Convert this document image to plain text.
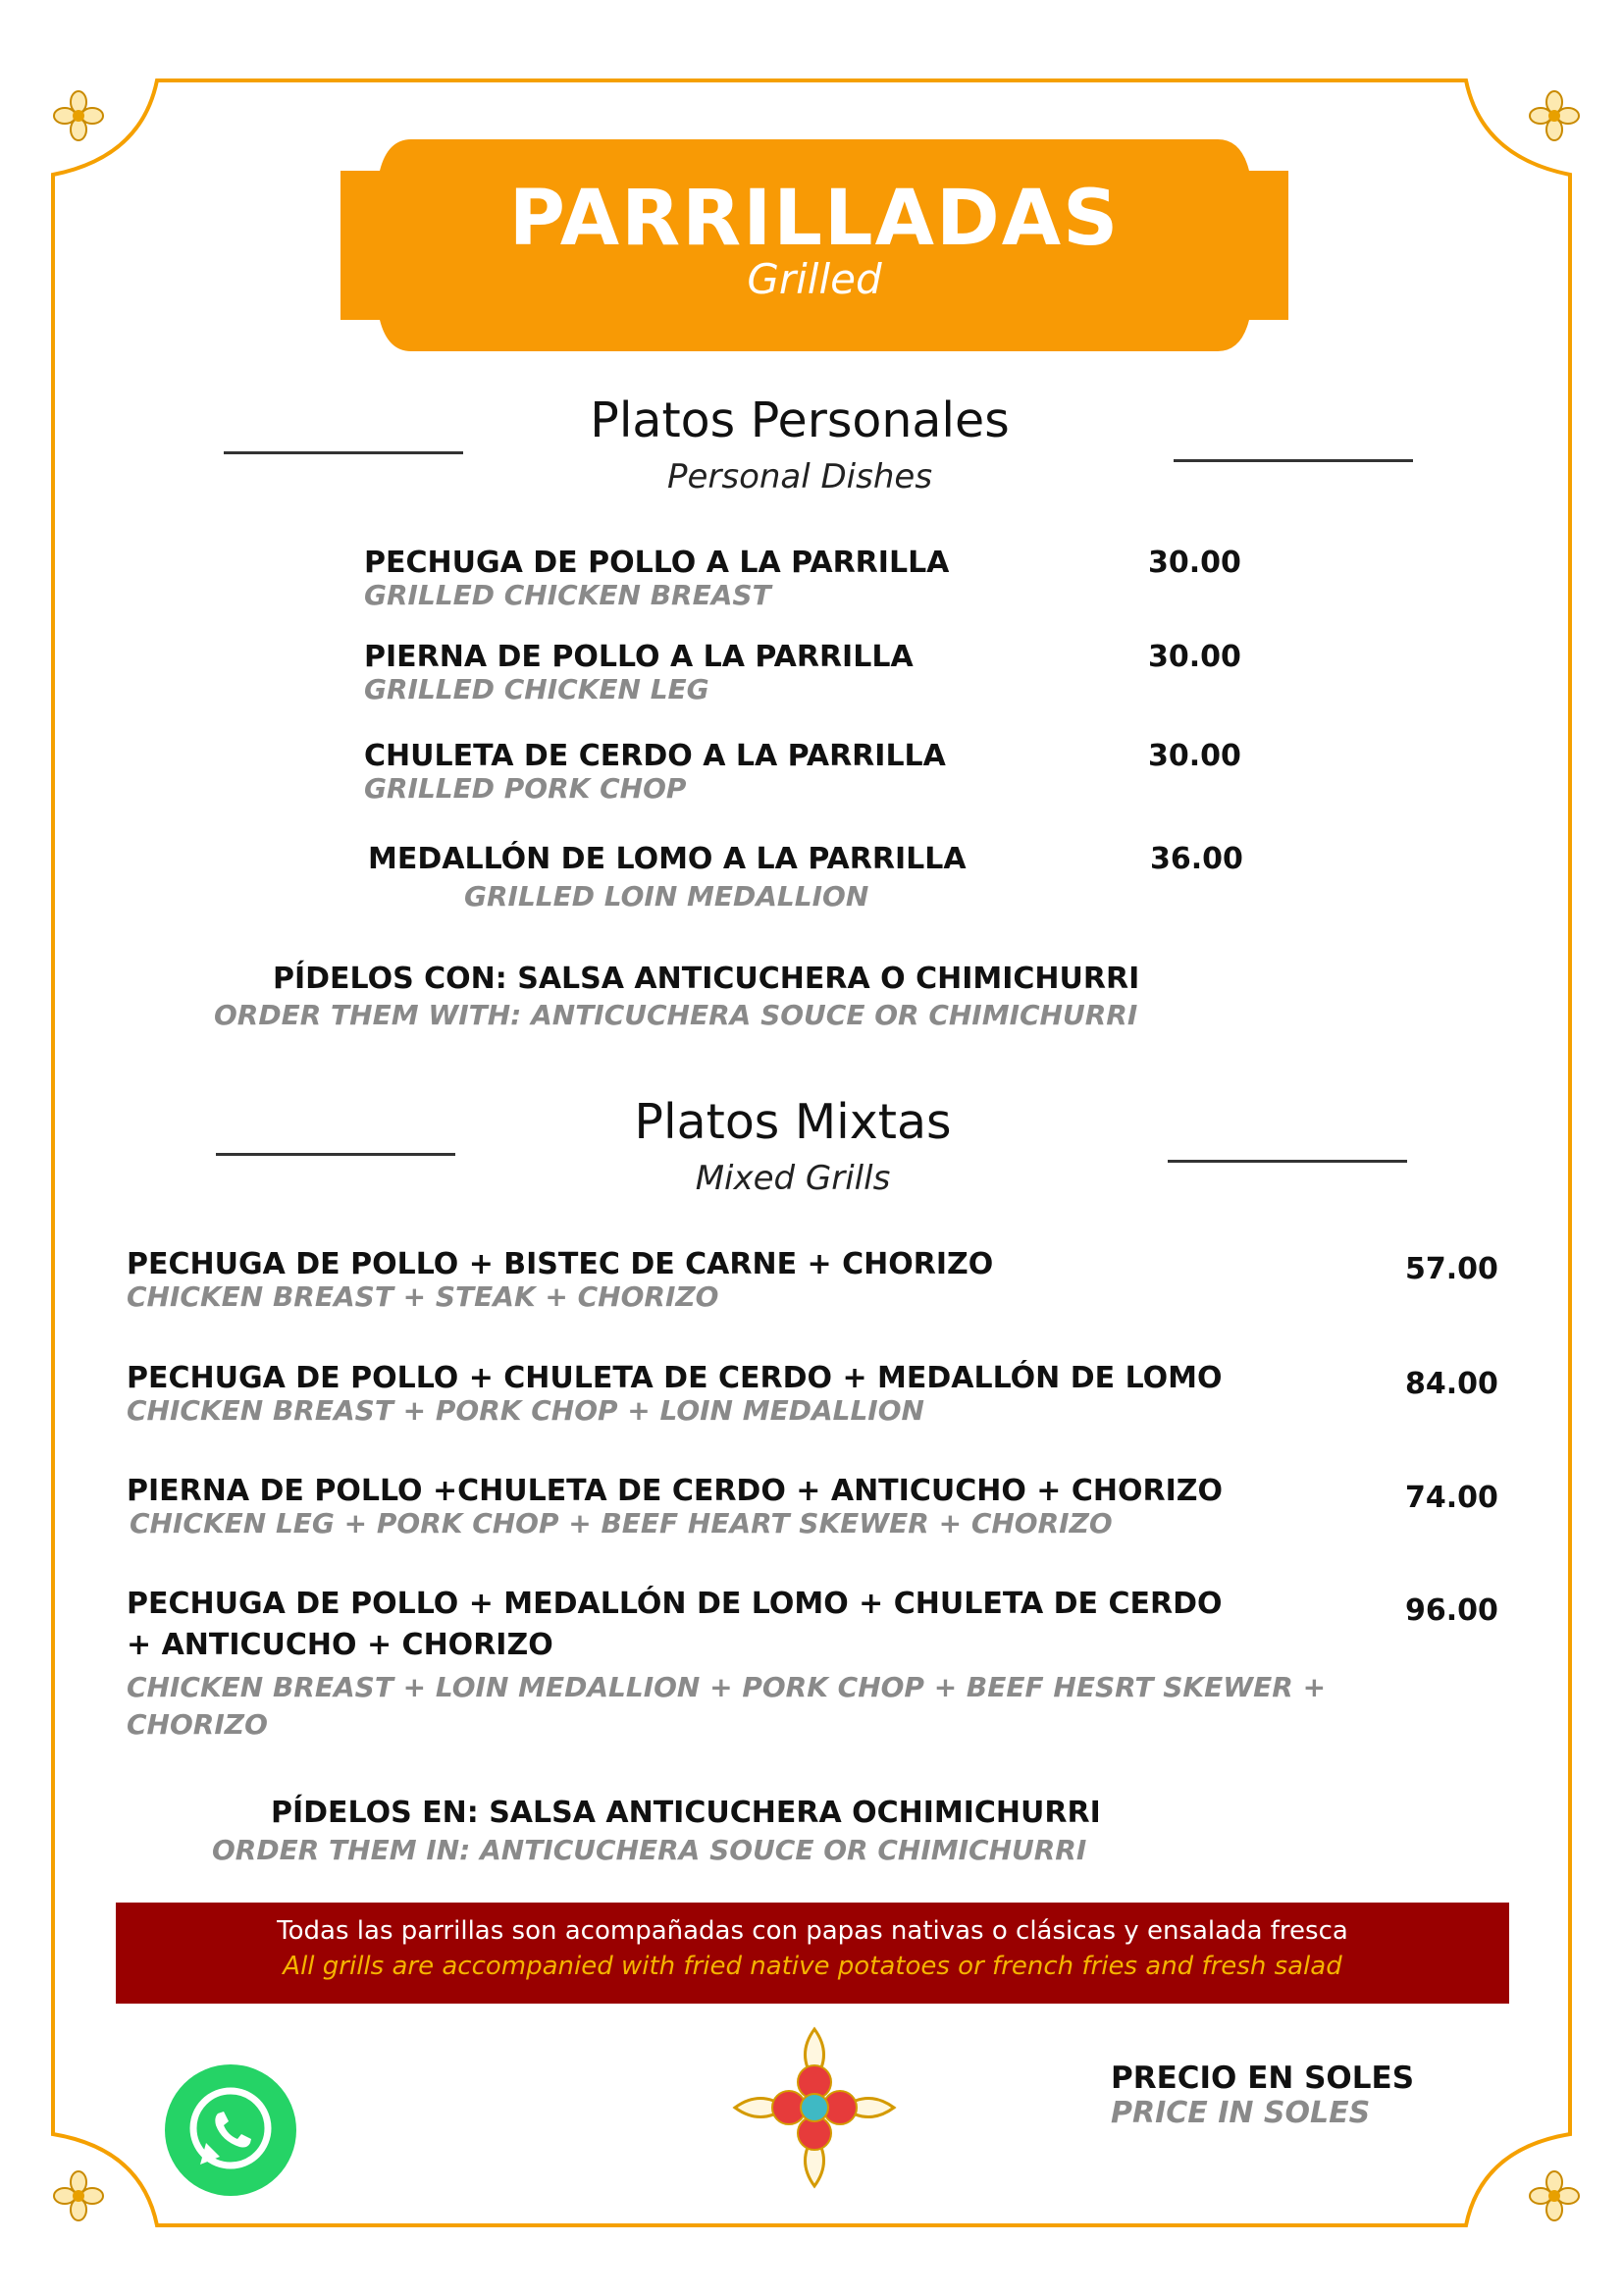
PARRILLADAS
Grilled
Platos Personales
Personal Dishes
PECHUGA DE POLLO A LA PARRILLA
GRILLED CHICKEN BREAST
30.00
PIERNA DE POLLO A LA PARRILLA
GRILLED CHICKEN LEG
30.00
CHULETA DE CERDO A LA PARRILLA
GRILLED PORK CHOP
30.00
MEDALLÓN DE LOMO A LA PARRILLA
GRILLED LOIN MEDALLION
36.00
PÍDELOS CON: SALSA ANTICUCHERA O CHIMICHURRI
ORDER THEM WITH: ANTICUCHERA SOUCE OR CHIMICHURRI
Platos Mixtas
Mixed Grills
PECHUGA DE POLLO + BISTEC DE CARNE + CHORIZO
CHICKEN BREAST + STEAK + CHORIZO
57.00
PECHUGA DE POLLO + CHULETA DE CERDO + MEDALLÓN DE LOMO
CHICKEN BREAST + PORK CHOP + LOIN MEDALLION
84.00
PIERNA DE POLLO +CHULETA DE CERDO + ANTICUCHO + CHORIZO
CHICKEN LEG + PORK CHOP + BEEF HEART SKEWER + CHORIZO
74.00
PECHUGA DE POLLO + MEDALLÓN DE LOMO + CHULETA DE CERDO
+ ANTICUCHO + CHORIZO
CHICKEN BREAST + LOIN MEDALLION + PORK CHOP + BEEF HESRT SKEWER +
CHORIZO
96.00
PÍDELOS EN: SALSA ANTICUCHERA OCHIMICHURRI
ORDER THEM IN: ANTICUCHERA SOUCE OR CHIMICHURRI
Todas las parrillas son acompañadas con papas nativas o clásicas y ensalada fresca
All grills are accompanied with fried native potatoes or french fries and fresh salad
PRECIO EN SOLES
PRICE IN SOLES
